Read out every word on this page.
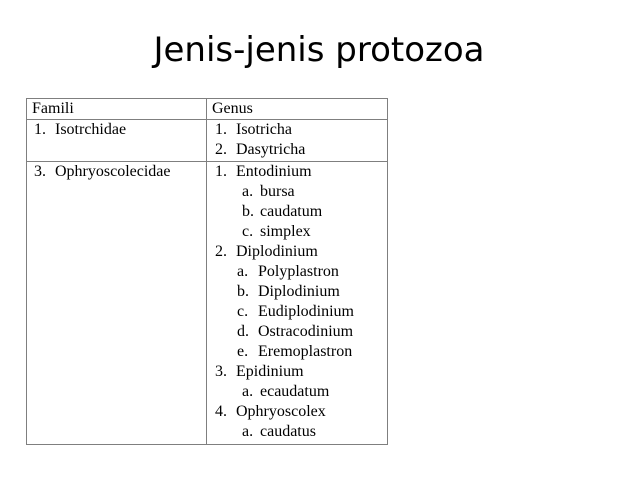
Jenis-jenis protozoa
Famili	Genus
1. Isotrchidae	1. Isotricha
2. Dasytricha
3. Ophryoscolecidae	1. Entodinium
a. bursa
b. caudatum
c. simplex
2. Diplodinium
a. Polyplastron
b. Diplodinium
c. Eudiplodinium
d. Ostracodinium
e. Eremoplastron
3. Epidinium
a. ecaudatum
4. Ophryoscolex
a. caudatus
